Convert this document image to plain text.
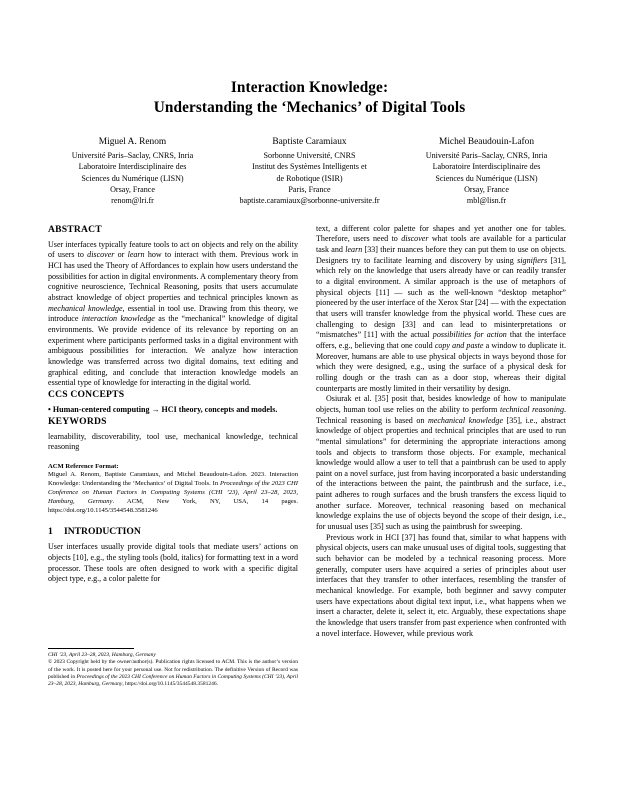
Interaction Knowledge:
Understanding the ‘Mechanics’ of Digital Tools
Miguel A. Renom
Université Paris–Saclay, CNRS, Inria
Laboratoire Interdisciplinaire des
Sciences du Numérique (LISN)
Orsay, France
renom@lri.fr
Baptiste Caramiaux
Sorbonne Université, CNRS
Institut des Systèmes Intelligents et
de Robotique (ISIR)
Paris, France
baptiste.caramiaux@sorbonne-universite.fr
Michel Beaudouin-Lafon
Université Paris–Saclay, CNRS, Inria
Laboratoire Interdisciplinaire des
Sciences du Numérique (LISN)
Orsay, France
mbl@lisn.fr
ABSTRACT

User interfaces typically feature tools to act on objects and rely on the ability of users to discover or learn how to interact with them. Previous work in HCI has used the Theory of Affordances to explain how users understand the possibilities for action in digital environments. A complementary theory from cognitive neuroscience, Technical Reasoning, posits that users accumulate abstract knowledge of object properties and technical principles known as mechanical knowledge, essential in tool use. Drawing from this theory, we introduce interaction knowledge as the “mechanical” knowledge of digital environments. We provide evidence of its relevance by reporting on an experiment where participants performed tasks in a digital environment with ambiguous possibilities for interaction. We analyze how interaction knowledge was transferred across two digital domains, text editing and graphical editing, and conclude that interaction knowledge models an essential type of knowledge for interacting in the digital world.

CCS CONCEPTS

• Human-centered computing → HCI theory, concepts and models.

KEYWORDS

learnability, discoverability, tool use, mechanical knowledge, technical reasoning

ACM Reference Format:

Miguel A. Renom, Baptiste Caramiaux, and Michel Beaudouin-Lafon. 2023. Interaction Knowledge: Understanding the ‘Mechanics’ of Digital Tools. In Proceedings of the 2023 CHI Conference on Human Factors in Computing Systems (CHI ’23), April 23–28, 2023, Hamburg, Germany. ACM, New York, NY, USA, 14 pages. https://doi.org/10.1145/3544548.3581246

1 INTRODUCTION

User interfaces usually provide digital tools that mediate users’ actions on objects [10], e.g., the styling tools (bold, italics) for formatting text in a word processor. These tools are often designed to work with a specific digital object type, e.g., a color palette for

text, a different color palette for shapes and yet another one for tables. Therefore, users need to discover what tools are available for a particular task and learn [33] their nuances before they can put them to use on objects. Designers try to facilitate learning and discovery by using signifiers [31], which rely on the knowledge that users already have or can readily transfer to a digital environment. A similar approach is the use of metaphors of physical objects [11] — such as the well-known “desktop metaphor” pioneered by the user interface of the Xerox Star [24] — with the expectation that users will transfer knowledge from the physical world. These cues are challenging to design [33] and can lead to misinterpretations or “mismatches” [11] with the actual possibilities for action that the interface offers, e.g., believing that one could copy and paste a window to duplicate it. Moreover, humans are able to use physical objects in ways beyond those for which they were designed, e.g., using the surface of a physical desk for rolling dough or the trash can as a door stop, whereas their digital counterparts are mostly limited in their versatility by design.

Osiurak et al. [35] posit that, besides knowledge of how to manipulate objects, human tool use relies on the ability to perform technical reasoning. Technical reasoning is based on mechanical knowledge [35], i.e., abstract knowledge of object properties and technical principles that are used to run “mental simulations” for determining the appropriate interactions among tools and objects to transform those objects. For example, mechanical knowledge would allow a user to tell that a paintbrush can be used to apply paint on a novel surface, just from having incorporated a basic understanding of the interactions between the paint, the paintbrush and the surface, i.e., paint adheres to rough surfaces and the brush transfers the excess liquid to another surface. Moreover, technical reasoning based on mechanical knowledge explains the use of objects beyond the scope of their design, i.e., for unusual uses [35] such as using the paintbrush for sweeping.

Previous work in HCI [37] has found that, similar to what happens with physical objects, users can make unusual uses of digital tools, suggesting that such behavior can be modeled by a technical reasoning process. More generally, computer users have acquired a series of principles about user interfaces that they transfer to other interfaces, resembling the transfer of mechanical knowledge. For example, both beginner and savvy computer users have expectations about digital text input, i.e., what happens when we insert a character, delete it, select it, etc. Arguably, these expectations shape the knowledge that users transfer from past experience when confronted with a novel interface. However, while previous work

CHI ’23, April 23–28, 2023, Hamburg, Germany

© 2023 Copyright held by the owner/author(s). Publication rights licensed to ACM. This is the author’s version of the work. It is posted here for your personal use. Not for redistribution. The definitive Version of Record was published in Proceedings of the 2023 CHI Conference on Human Factors in Computing Systems (CHI ’23), April 23–28, 2023, Hamburg, Germany, https://doi.org/10.1145/3544548.3581246.
